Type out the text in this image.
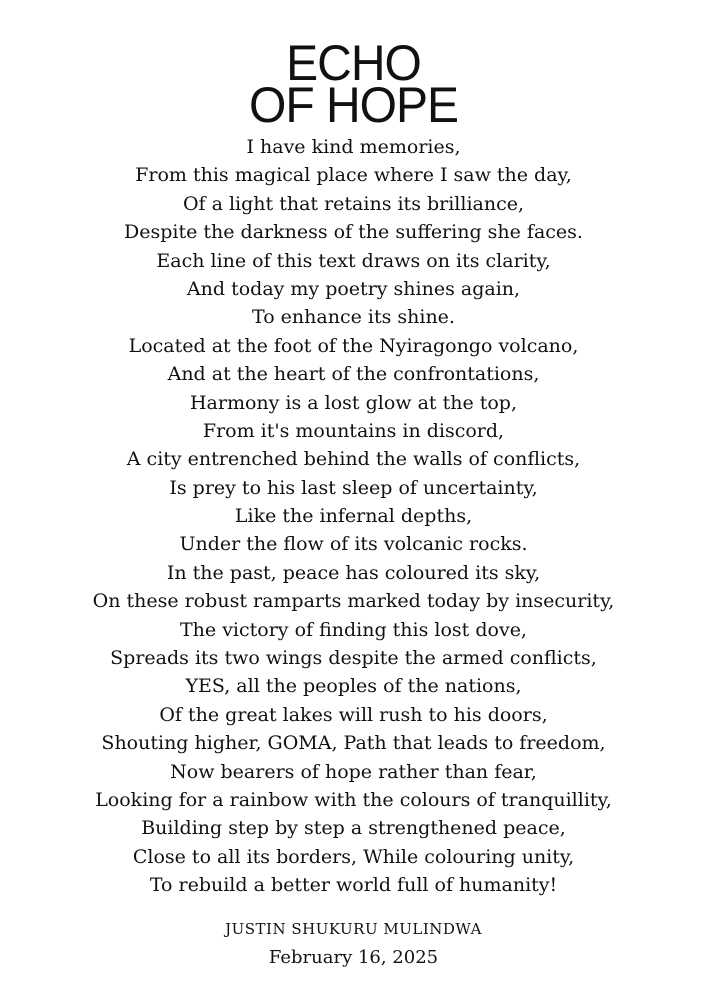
ECHO
OF HOPE
I have kind memories,
From this magical place where I saw the day,
Of a light that retains its brilliance,
Despite the darkness of the suffering she faces.
Each line of this text draws on its clarity,
And today my poetry shines again,
To enhance its shine.
Located at the foot of the Nyiragongo volcano,
And at the heart of the confrontations,
Harmony is a lost glow at the top,
From it's mountains in discord,
A city entrenched behind the walls of conflicts,
Is prey to his last sleep of uncertainty,
Like the infernal depths,
Under the flow of its volcanic rocks.
In the past, peace has coloured its sky,
On these robust ramparts marked today by insecurity,
The victory of finding this lost dove,
Spreads its two wings despite the armed conflicts,
YES, all the peoples of the nations,
Of the great lakes will rush to his doors,
Shouting higher, GOMA, Path that leads to freedom,
Now bearers of hope rather than fear,
Looking for a rainbow with the colours of tranquillity,
Building step by step a strengthened peace,
Close to all its borders, While colouring unity,
To rebuild a better world full of humanity!
JUSTIN SHUKURU MULINDWA
February 16, 2025
